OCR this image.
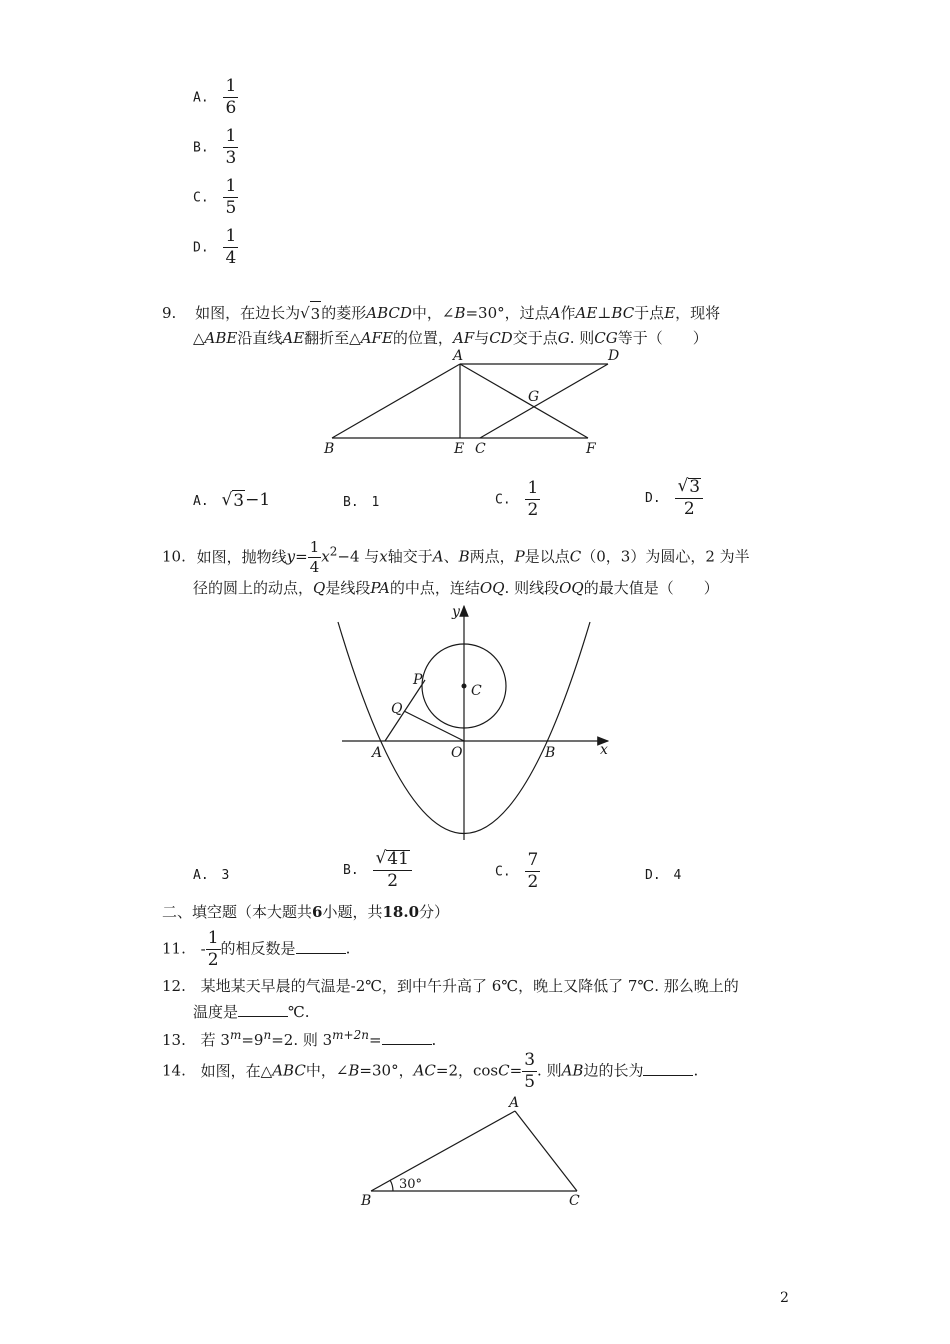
A. $\frac{1}{6}$
B. $\frac{1}{3}$
C. $\frac{1}{5}$
D. $\frac{1}{4}$
9. 如图，在边长为√ 3 的菱形ABCD中，∠B=30°，过点A作AE⊥BC于点E，现将
△ABE沿直线AE翻折至△AFE的位置，AF与CD交于点G. 则CG等于（　　）
A	D
G
B	E C	F
A. √ 3 −1	B. 1	C. $\frac{1}{2}$	D. $\frac{√ 3}{2}$
10. 如图，抛物线$y= \frac{1}{4} x^2-4$ 与x轴交于A、B两点，P是以点C（0，3）为圆心，2 为半
径的圆上的动点，Q是线段PA的中点，连结OQ. 则线段OQ的最大值是（　　）
y
P
C
Q
A	O	B	x
A. 3	B. $\frac{√ 41}{2}$	C. $\frac{7}{2}$	D. 4
二、填空题（本大题共6小题，共18.0分）
11. - $\frac{1}{2}$ 的相反数是	.
12. 某地某天早晨的气温是-2℃，到中午升高了 6℃，晚上又降低了 7℃. 那么晚上的
温度是	℃.
13. 若 $3^m=9^n=2$. 则 $3^{m+2n}=$	.
14. 如图，在△ABC中，∠B=30°，AC=2，$\cos C= \frac{3}{5}$ . 则AB边的长为	.
A
B	C
30°
2
